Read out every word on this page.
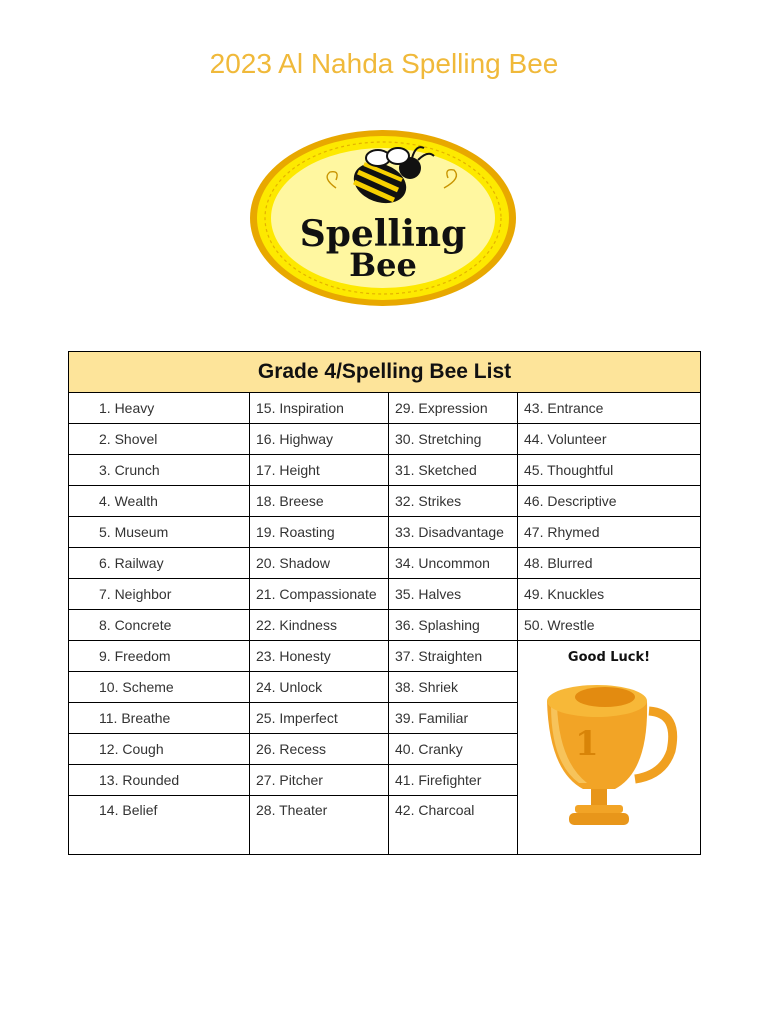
2023 Al Nahda Spelling Bee
Spelling
Bee
Grade 4/Spelling Bee List			
1. Heavy	15. Inspiration	29. Expression	43. Entrance
2. Shovel	16. Highway	30. Stretching	44. Volunteer
3. Crunch	17. Height	31. Sketched	45. Thoughtful
4. Wealth	18. Breese	32. Strikes	46. Descriptive
5. Museum	19. Roasting	33. Disadvantage	47. Rhymed
6. Railway	20. Shadow	34. Uncommon	48. Blurred
7. Neighbor	21. Compassionate	35. Halves	49. Knuckles
8. Concrete	22. Kindness	36. Splashing	50. Wrestle
9. Freedom	23. Honesty	37. Straighten	Good Luck!
1

10. Scheme	24. Unlock	38. Shriek	
11. Breathe	25. Imperfect	39. Familiar	
12. Cough	26. Recess	40. Cranky	
13. Rounded	27. Pitcher	41. Firefighter	
14. Belief	28. Theater	42. Charcoal	
